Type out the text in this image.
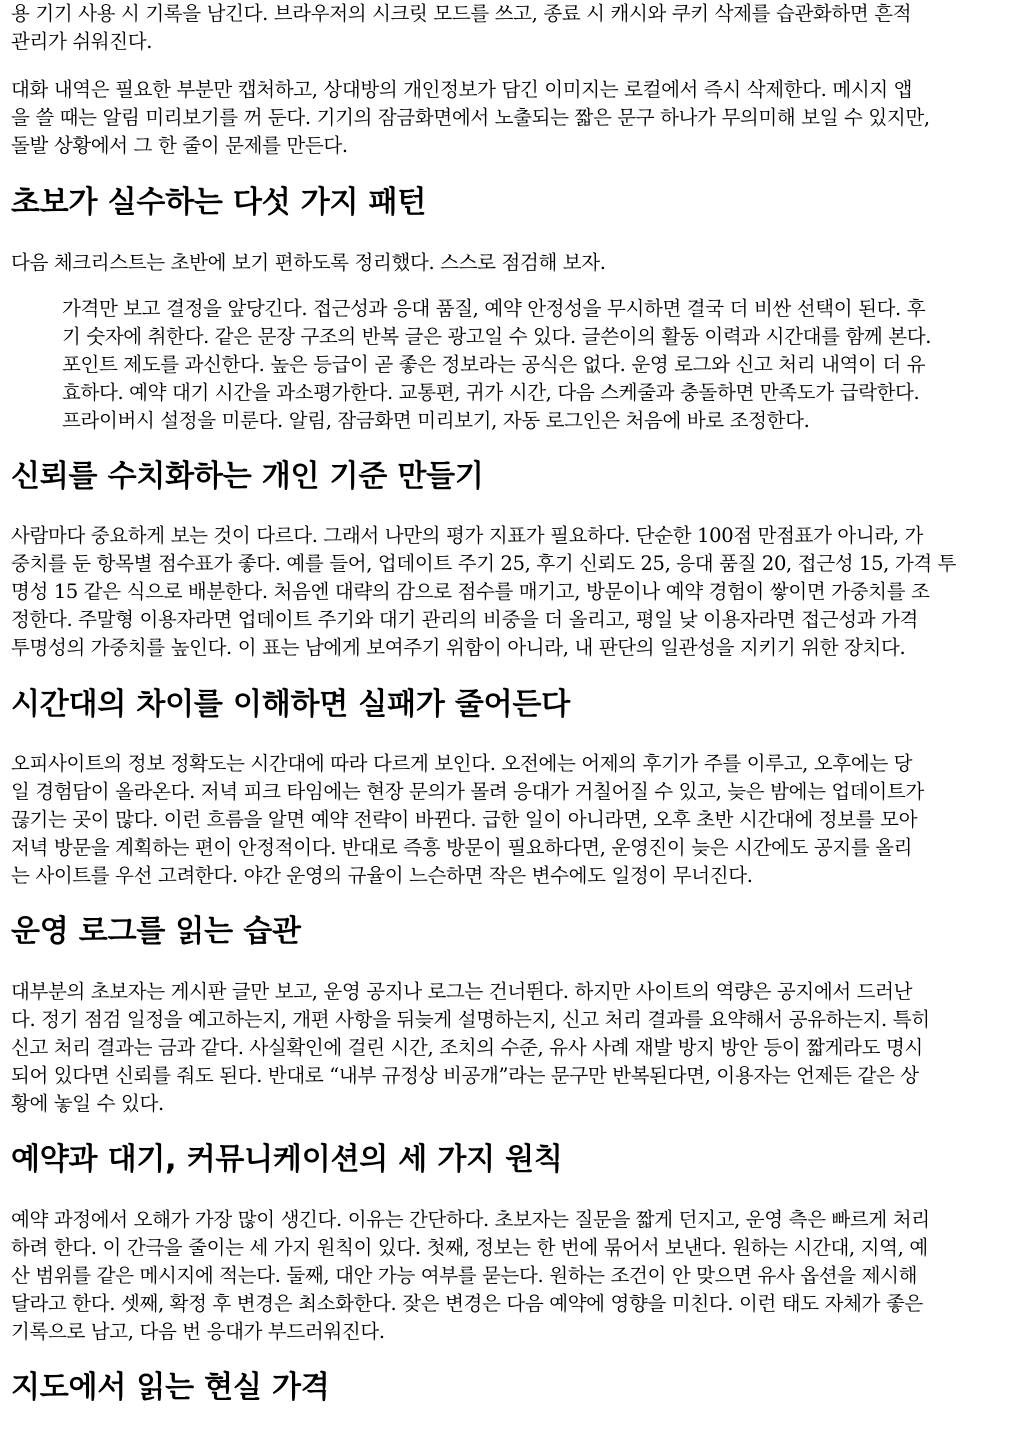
용 기기 사용 시 기록을 남긴다. 브라우저의 시크릿 모드를 쓰고, 종료 시 캐시와 쿠키 삭제를 습관화하면 흔적
관리가 쉬워진다.

대화 내역은 필요한 부분만 캡처하고, 상대방의 개인정보가 담긴 이미지는 로컬에서 즉시 삭제한다. 메시지 앱
을 쓸 때는 알림 미리보기를 꺼 둔다. 기기의 잠금화면에서 노출되는 짧은 문구 하나가 무의미해 보일 수 있지만,
돌발 상황에서 그 한 줄이 문제를 만든다.

초보가 실수하는 다섯 가지 패턴

다음 체크리스트는 초반에 보기 편하도록 정리했다. 스스로 점검해 보자.

가격만 보고 결정을 앞당긴다. 접근성과 응대 품질, 예약 안정성을 무시하면 결국 더 비싼 선택이 된다. 후
기 숫자에 취한다. 같은 문장 구조의 반복 글은 광고일 수 있다. 글쓴이의 활동 이력과 시간대를 함께 본다.
포인트 제도를 과신한다. 높은 등급이 곧 좋은 정보라는 공식은 없다. 운영 로그와 신고 처리 내역이 더 유
효하다. 예약 대기 시간을 과소평가한다. 교통편, 귀가 시간, 다음 스케줄과 충돌하면 만족도가 급락한다.
프라이버시 설정을 미룬다. 알림, 잠금화면 미리보기, 자동 로그인은 처음에 바로 조정한다.
신뢰를 수치화하는 개인 기준 만들기

사람마다 중요하게 보는 것이 다르다. 그래서 나만의 평가 지표가 필요하다. 단순한 100점 만점표가 아니라, 가
중치를 둔 항목별 점수표가 좋다. 예를 들어, 업데이트 주기 25, 후기 신뢰도 25, 응대 품질 20, 접근성 15, 가격 투
명성 15 같은 식으로 배분한다. 처음엔 대략의 감으로 점수를 매기고, 방문이나 예약 경험이 쌓이면 가중치를 조
정한다. 주말형 이용자라면 업데이트 주기와 대기 관리의 비중을 더 올리고, 평일 낮 이용자라면 접근성과 가격
투명성의 가중치를 높인다. 이 표는 남에게 보여주기 위함이 아니라, 내 판단의 일관성을 지키기 위한 장치다.

시간대의 차이를 이해하면 실패가 줄어든다

오피사이트의 정보 정확도는 시간대에 따라 다르게 보인다. 오전에는 어제의 후기가 주를 이루고, 오후에는 당
일 경험담이 올라온다. 저녁 피크 타임에는 현장 문의가 몰려 응대가 거칠어질 수 있고, 늦은 밤에는 업데이트가
끊기는 곳이 많다. 이런 흐름을 알면 예약 전략이 바뀐다. 급한 일이 아니라면, 오후 초반 시간대에 정보를 모아
저녁 방문을 계획하는 편이 안정적이다. 반대로 즉흥 방문이 필요하다면, 운영진이 늦은 시간에도 공지를 올리
는 사이트를 우선 고려한다. 야간 운영의 규율이 느슨하면 작은 변수에도 일정이 무너진다.

운영 로그를 읽는 습관

대부분의 초보자는 게시판 글만 보고, 운영 공지나 로그는 건너뛴다. 하지만 사이트의 역량은 공지에서 드러난
다. 정기 점검 일정을 예고하는지, 개편 사항을 뒤늦게 설명하는지, 신고 처리 결과를 요약해서 공유하는지. 특히
신고 처리 결과는 금과 같다. 사실확인에 걸린 시간, 조치의 수준, 유사 사례 재발 방지 방안 등이 짧게라도 명시
되어 있다면 신뢰를 줘도 된다. 반대로 “내부 규정상 비공개”라는 문구만 반복된다면, 이용자는 언제든 같은 상
황에 놓일 수 있다.

예약과 대기, 커뮤니케이션의 세 가지 원칙

예약 과정에서 오해가 가장 많이 생긴다. 이유는 간단하다. 초보자는 질문을 짧게 던지고, 운영 측은 빠르게 처리
하려 한다. 이 간극을 줄이는 세 가지 원칙이 있다. 첫째, 정보는 한 번에 묶어서 보낸다. 원하는 시간대, 지역, 예
산 범위를 같은 메시지에 적는다. 둘째, 대안 가능 여부를 묻는다. 원하는 조건이 안 맞으면 유사 옵션을 제시해
달라고 한다. 셋째, 확정 후 변경은 최소화한다. 잦은 변경은 다음 예약에 영향을 미친다. 이런 태도 자체가 좋은
기록으로 남고, 다음 번 응대가 부드러워진다.

지도에서 읽는 현실 가격
